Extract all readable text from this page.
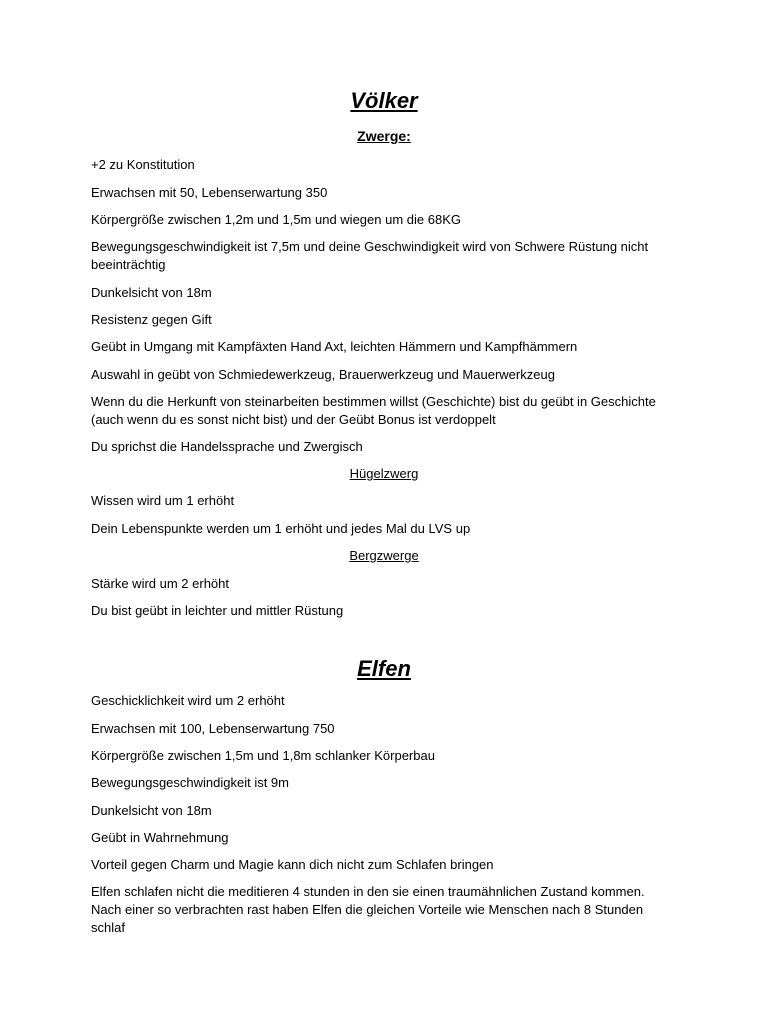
Völker
Zwerge:

+2 zu Konstitution

Erwachsen mit 50, Lebenserwartung 350

Körpergröße zwischen 1,2m und 1,5m und wiegen um die 68KG

Bewegungsgeschwindigkeit ist 7,5m und deine Geschwindigkeit wird von Schwere Rüstung nicht beeinträchtig

Dunkelsicht von 18m

Resistenz gegen Gift

Geübt in Umgang mit Kampfäxten Hand Axt, leichten Hämmern und Kampfhämmern

Auswahl in geübt von Schmiedewerkzeug, Brauerwerkzeug und Mauerwerkzeug

Wenn du die Herkunft von steinarbeiten bestimmen willst (Geschichte) bist du geübt in Geschichte (auch wenn du es sonst nicht bist) und der Geübt Bonus ist verdoppelt

Du sprichst die Handelssprache und Zwergisch

Hügelzwerg

Wissen wird um 1 erhöht

Dein Lebenspunkte werden um 1 erhöht und jedes Mal du LVS up

Bergzwerge

Stärke wird um 2 erhöht

Du bist geübt in leichter und mittler Rüstung

Elfen

Geschicklichkeit wird um 2 erhöht

Erwachsen mit 100, Lebenserwartung 750

Körpergröße zwischen 1,5m und 1,8m schlanker Körperbau

Bewegungsgeschwindigkeit ist 9m

Dunkelsicht von 18m

Geübt in Wahrnehmung

Vorteil gegen Charm und Magie kann dich nicht zum Schlafen bringen

Elfen schlafen nicht die meditieren 4 stunden in den sie einen traumähnlichen Zustand kommen. Nach einer so verbrachten rast haben Elfen die gleichen Vorteile wie Menschen nach 8 Stunden schlaf
